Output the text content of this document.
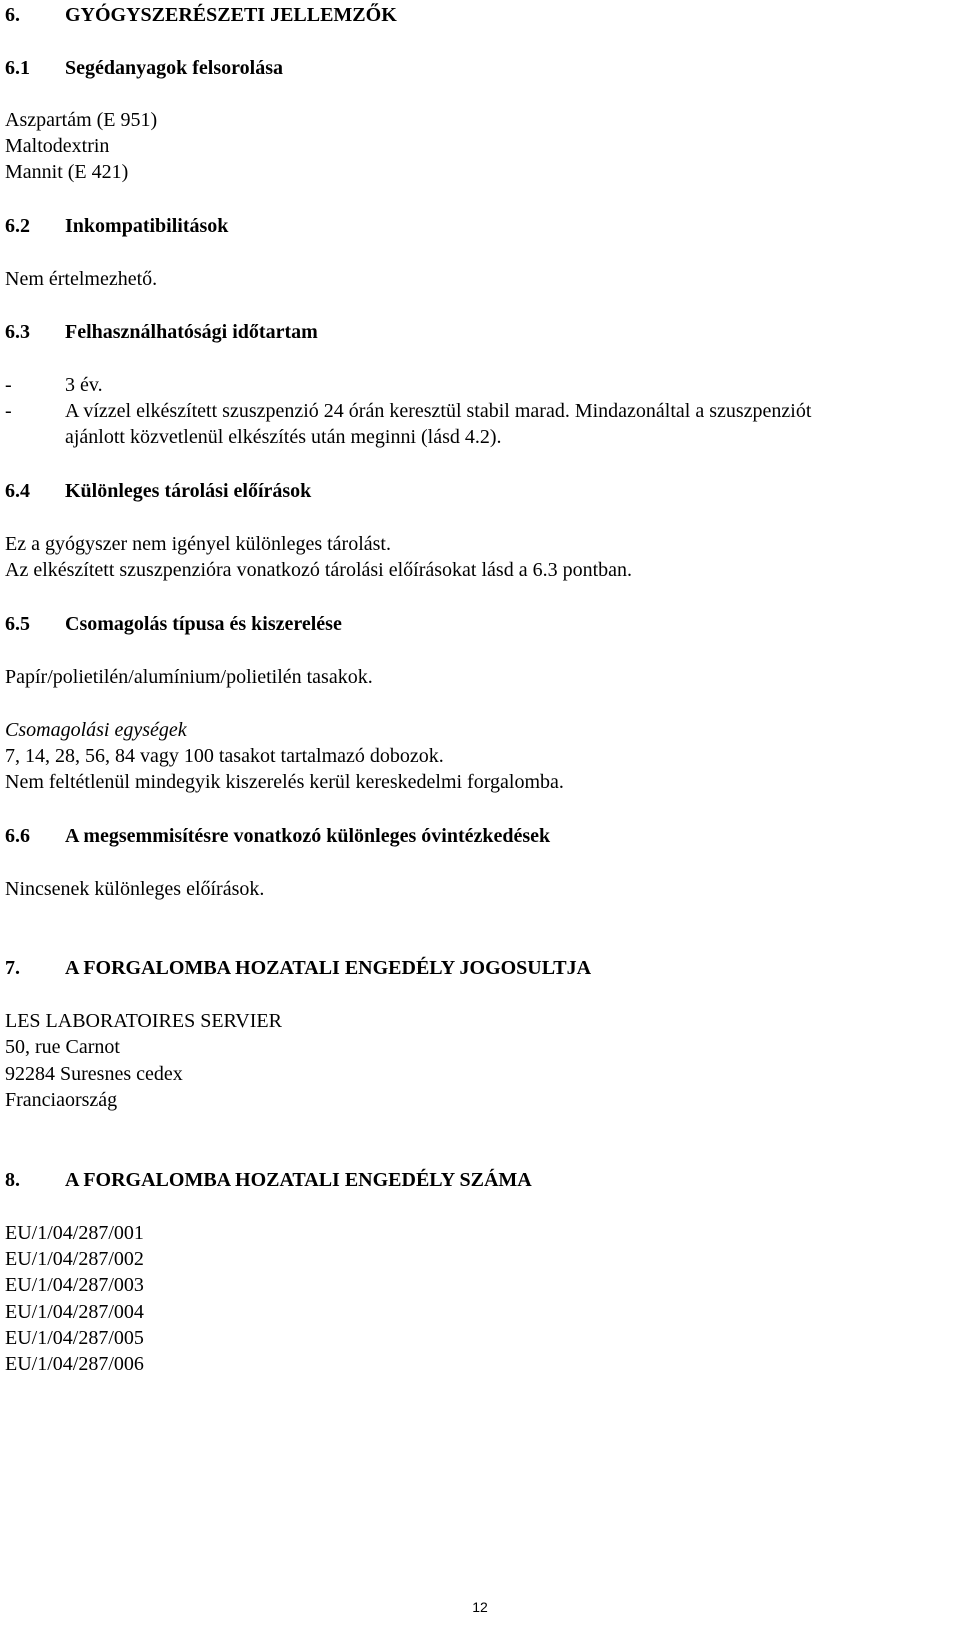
6. GYÓGYSZERÉSZETI JELLEMZŐK

6.1 Segédanyagok felsorolása

Aszpartám (E 951)

Maltodextrin

Mannit (E 421)

6.2 Inkompatibilitások

Nem értelmezhető.

6.3 Felhasználhatósági időtartam

-	3 év.

-	A vízzel elkészített szuszpenzió 24 órán keresztül stabil marad. Mindazonáltal a szuszpenziót

ajánlott közvetlenül elkészítés után meginni (lásd 4.2).

6.4 Különleges tárolási előírások

Ez a gyógyszer nem igényel különleges tárolást.

Az elkészített szuszpenzióra vonatkozó tárolási előírásokat lásd a 6.3 pontban.

6.5 Csomagolás típusa és kiszerelése

Papír/polietilén/alumínium/polietilén tasakok.

Csomagolási egységek

7, 14, 28, 56, 84 vagy 100 tasakot tartalmazó dobozok.

Nem feltétlenül mindegyik kiszerelés kerül kereskedelmi forgalomba.

6.6 A megsemmisítésre vonatkozó különleges óvintézkedések

Nincsenek különleges előírások.

7. A FORGALOMBA HOZATALI ENGEDÉLY JOGOSULTJA

LES LABORATOIRES SERVIER

50, rue Carnot

92284 Suresnes cedex

Franciaország

8. A FORGALOMBA HOZATALI ENGEDÉLY SZÁMA

EU/1/04/287/001

EU/1/04/287/002

EU/1/04/287/003

EU/1/04/287/004

EU/1/04/287/005

EU/1/04/287/006

12
